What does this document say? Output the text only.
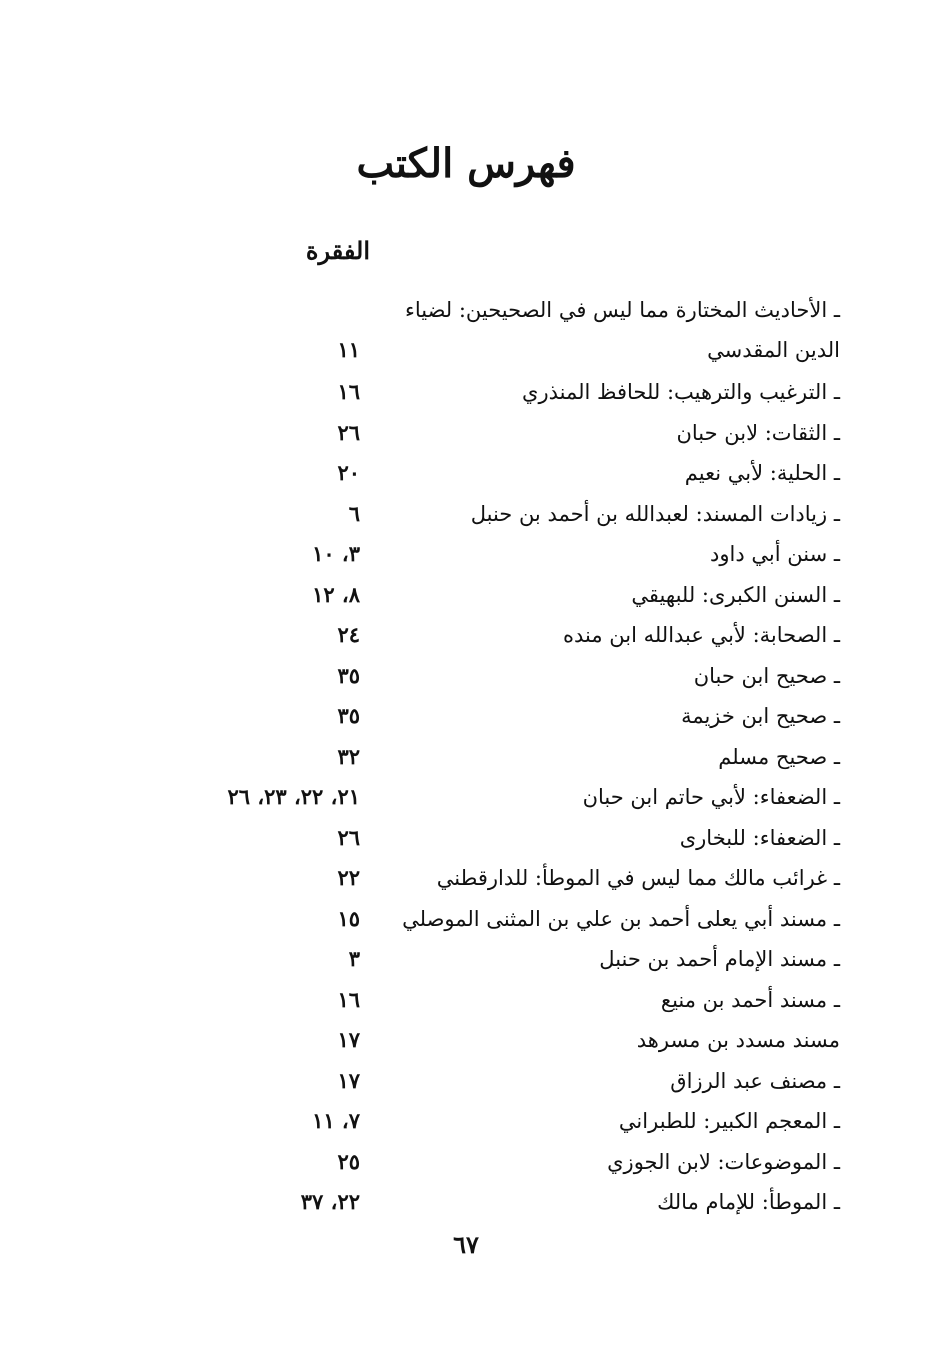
فهرس الكتب
الفقرة
ـ الأحاديث المختارة مما ليس في الصحيحين: لضياء الدين المقدسي
١١
ـ الترغيب والترهيب: للحافظ المنذري
١٦
ـ الثقات: لابن حبان
٢٦
ـ الحلية: لأبي نعيم
٢٠
ـ زيادات المسند: لعبدالله بن أحمد بن حنبل
٦
ـ سنن أبي داود
٣، ١٠
ـ السنن الكبرى: للبهيقي
٨، ١٢
ـ الصحابة: لأبي عبدالله ابن منده
٢٤
ـ صحيح ابن حبان
٣٥
ـ صحيح ابن خزيمة
٣٥
ـ صحيح مسلم
٣٢
ـ الضعفاء: لأبي حاتم ابن حبان
٢١، ٢٢، ٢٣، ٢٦
ـ الضعفاء: للبخارى
٢٦
ـ غرائب مالك مما ليس في الموطأ: للدارقطني
٢٢
ـ مسند أبي يعلى أحمد بن علي بن المثنى الموصلي
١٥
ـ مسند الإمام أحمد بن حنبل
٣
ـ مسند أحمد بن منيع
١٦
مسند مسدد بن مسرهد
١٧
ـ مصنف عبد الرزاق
١٧
ـ المعجم الكبير: للطبراني
٧، ١١
ـ الموضوعات: لابن الجوزي
٢٥
ـ الموطأ: للإمام مالك
٢٢، ٣٧
٦٧
